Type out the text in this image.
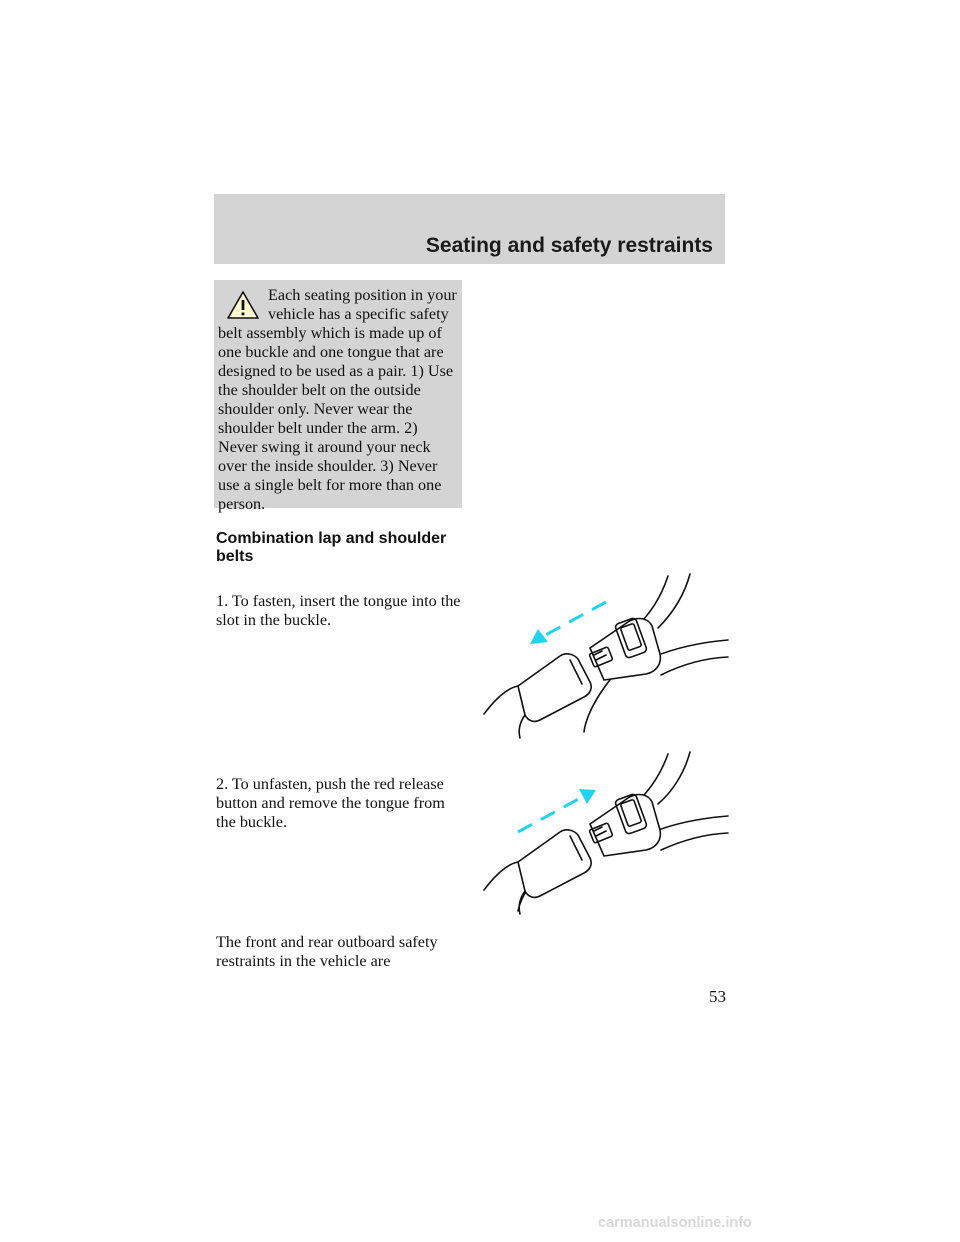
Seating and safety restraints

Each seating position in your vehicle has a specific safety belt assembly which is made up of one buckle and one tongue that are designed to be used as a pair. 1) Use the shoulder belt on the outside shoulder only. Never wear the shoulder belt under the arm. 2) Never swing it around your neck over the inside shoulder. 3) Never use a single belt for more than one person.

Combination lap and shoulder belts

1. To fasten, insert the tongue into the slot in the buckle.

2. To unfasten, push the red release button and remove the tongue from the buckle.

The front and rear outboard safety restraints in the vehicle are

53

carmanualsonline.info
